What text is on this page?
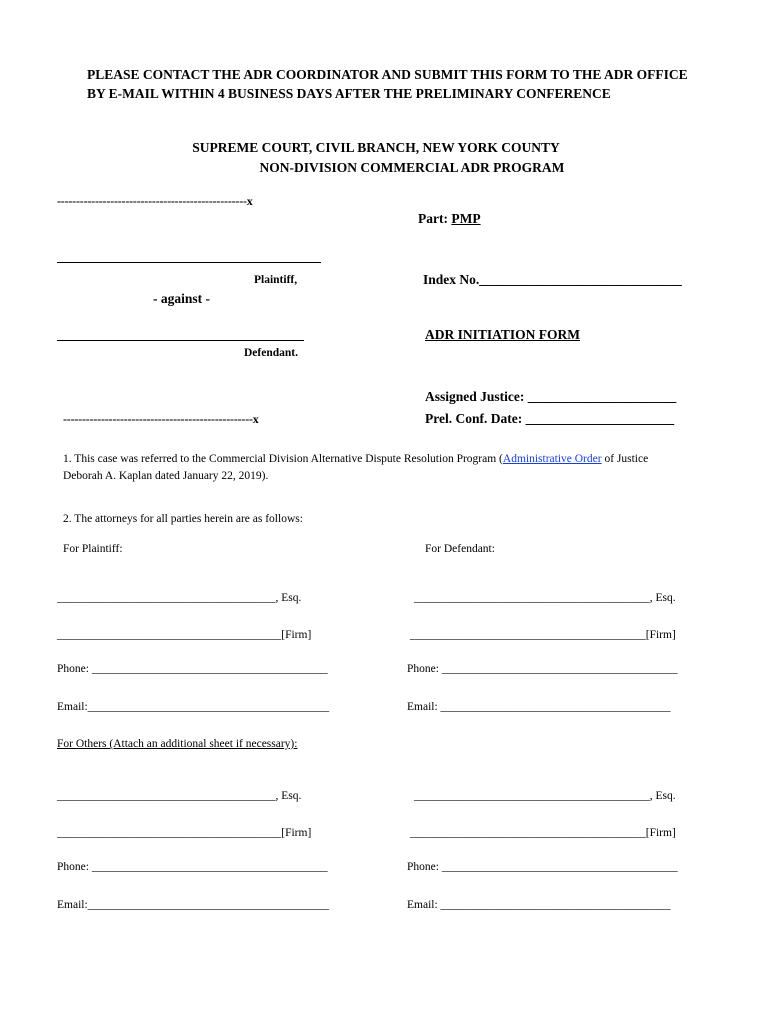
PLEASE CONTACT THE ADR COORDINATOR AND SUBMIT THIS FORM TO THE ADR OFFICE BY E-MAIL WITHIN 4 BUSINESS DAYS AFTER THE PRELIMINARY CONFERENCE
SUPREME COURT, CIVIL BRANCH, NEW YORK COUNTY
NON-DIVISION COMMERCIAL ADR PROGRAM
--------------------------------------------------x
Part: PMP
Plaintiff,	Index No.______________________________
- against -
Defendant.
ADR INITIATION FORM
Assigned Justice: ______________________
Prel. Conf. Date: ______________________
--------------------------------------------------x
1. This case was referred to the Commercial Division Alternative Dispute Resolution Program (Administrative Order of Justice
Deborah A. Kaplan dated January 22, 2019).
2. The attorneys for all parties herein are as follows:
For Plaintiff:	For Defendant:
______________________________________, Esq.	_________________________________________, Esq.
_______________________________________[Firm]	_________________________________________[Firm]
Phone: _________________________________________	Phone: _________________________________________
Email:__________________________________________	Email: ________________________________________
For Others (Attach an additional sheet if necessary):
______________________________________, Esq.	_________________________________________, Esq.
_______________________________________[Firm]	_________________________________________[Firm]
Phone: _________________________________________	Phone: _________________________________________
Email:__________________________________________	Email: ________________________________________
